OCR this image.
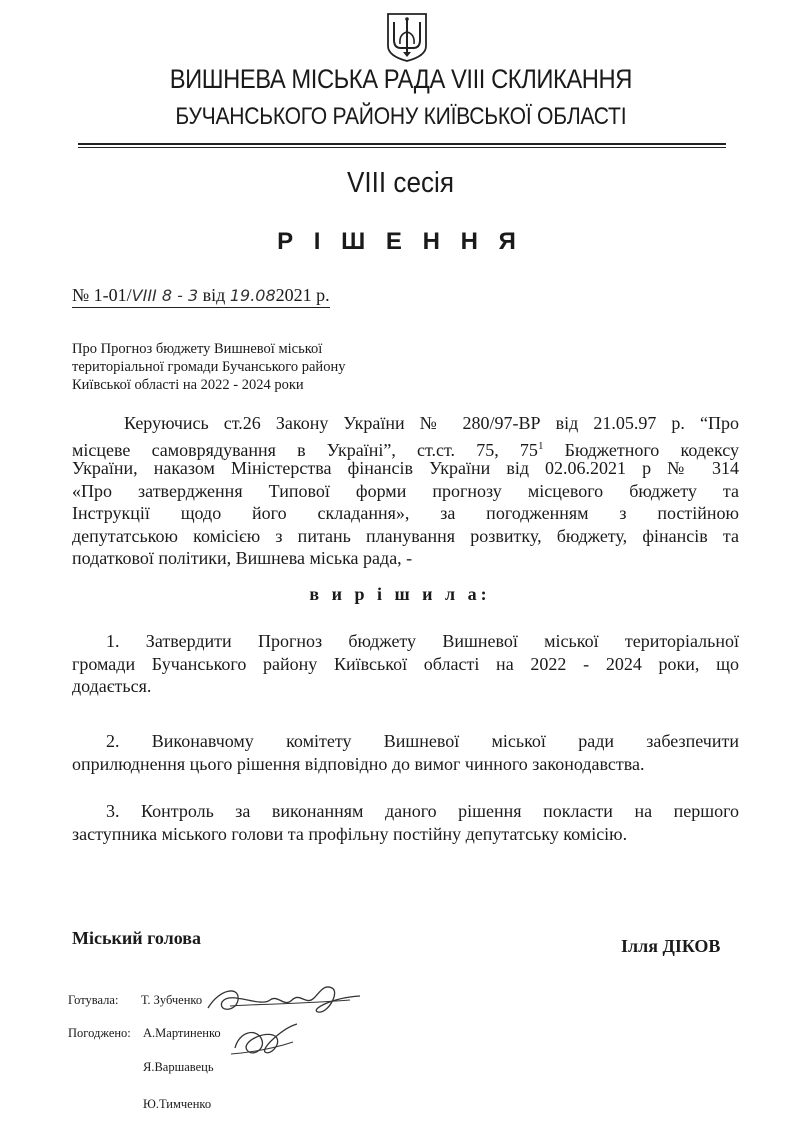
ВИШНЕВА МІСЬКА РАДА VIII СКЛИКАННЯ
БУЧАНСЬКОГО РАЙОНУ КИЇВСЬКОЇ ОБЛАСТІ
VIII сесія
Р І Ш Е Н Н Я
№ 1-01/VIII 8 - 3 від 19.082021 р.
Про Прогноз бюджету Вишневої міської
територіальної громади Бучанського району
Київської області на 2022 - 2024 роки
Керуючись ст.26 Закону України № 280/97-ВР від 21.05.97 р. “Про
місцеве самоврядування в Україні”, ст.ст. 75, $75^1$ Бюджетного кодексу
України, наказом Міністерства фінансів України від 02.06.2021 р № 314
«Про затвердження Типової форми прогнозу місцевого бюджету та
Інструкції щодо його складання», за погодженням з постійною
депутатською комісією з питань планування розвитку, бюджету, фінансів та
податкової політики, Вишнева міська рада, -
в и р і ш и л а:
1. Затвердити Прогноз бюджету Вишневої міської територіальної
громади Бучанського району Київської області на 2022 - 2024 роки, що
додається.
2. Виконавчому комітету Вишневої міської ради забезпечити
оприлюднення цього рішення відповідно до вимог чинного законодавства.
3. Контроль за виконанням даного рішення покласти на першого
заступника міського голови та профільну постійну депутатську комісію.
Міський голова	Ілля ДІКОВ
Готувала: Т. Зубченко
Погоджено: А.Мартиненко
Я.Варшавець
Ю.Тимченко
